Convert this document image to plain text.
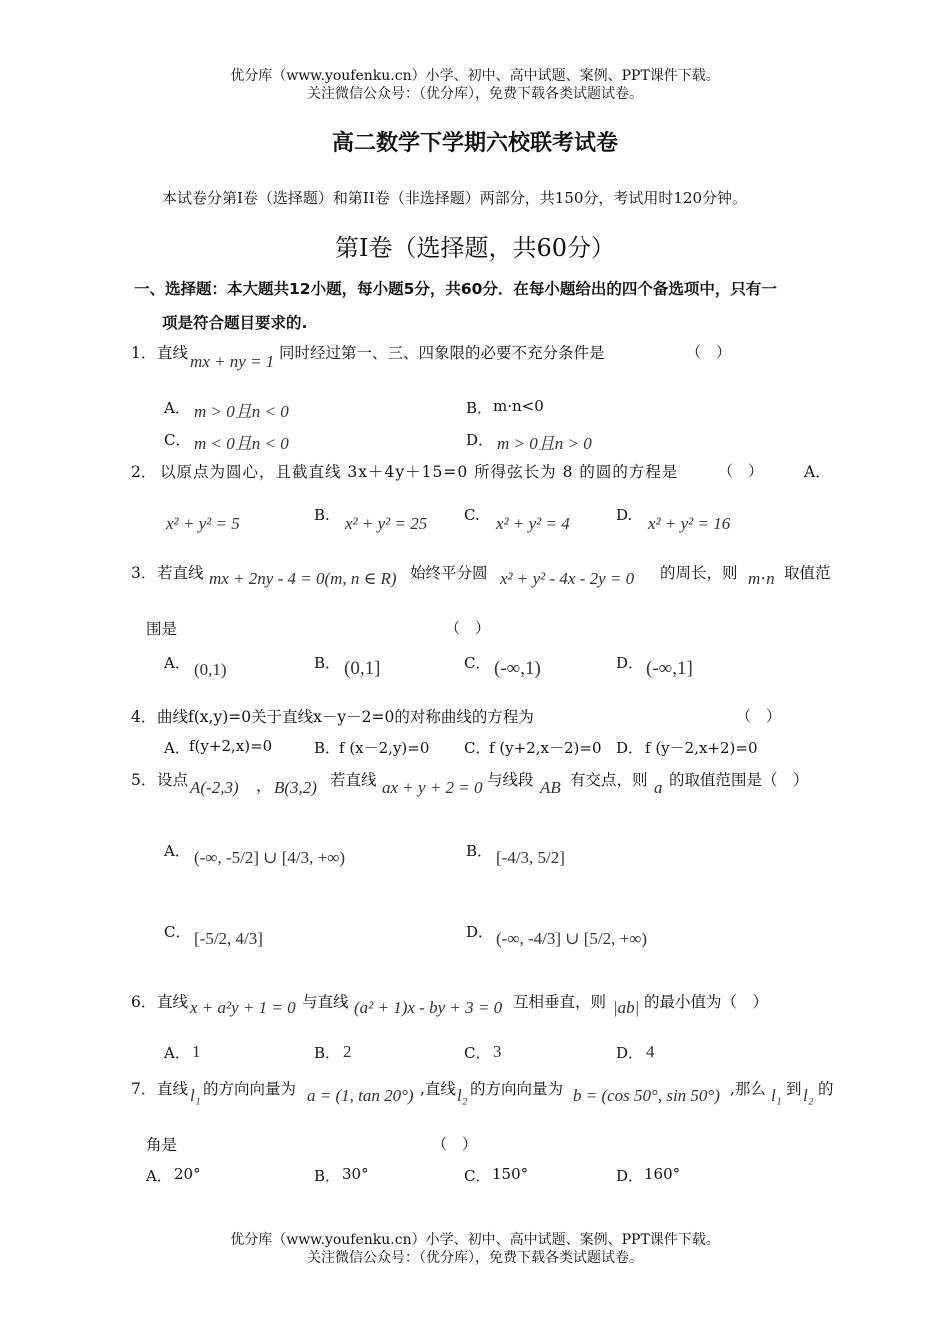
优分库（www.youfenku.cn）小学、初中、高中试题、案例、PPT课件下载。
关注微信公众号：（优分库），免费下载各类试题试卷。
高二数学下学期六校联考试卷
本试卷分第I卷（选择题）和第II卷（非选择题）两部分，共150分，考试用时120分钟。
第Ⅰ卷（选择题，共60分）
一、选择题：本大题共12小题，每小题5分，共60分．在每小题给出的四个备选项中，只有一
项是符合题目要求的.
1． 直线 mx + ny = 1 同时经过第一、三、四象限的必要不充分条件是	（　）
A． m > 0且n < 0	B． m·n<0
C． m < 0且n < 0	D． m > 0且n > 0
2． 以原点为圆心，且截直线 3x＋4y＋15=0 所得弦长为 8 的圆的方程是	（　）	A．
x² + y² = 5	B. x² + y² = 25 C. x² + y² = 4	D. x² + y² = 16
3． 若直线 mx + 2ny - 4 = 0(m, n ∈ R) 始终平分圆 x² + y² - 4x - 2y = 0 的周长，则 m⋅n 取值范
围是	（　）
A． (0,1)	B． (0,1]	C． (-∞,1)	D． (-∞,1]
4． 曲线f(x,y)=0关于直线x－y－2=0的对称曲线的方程为	（　）
A． f(y+2,x)=0	B．
f (x－2,y)=0 C．
f (y+2,x－2)=0 D． f (y－2,x+2)=0
5． 设点 A(-2,3) ， B(3,2) 若直线 ax + y + 2 = 0 与线段 AB 有交点，则 a 的取值范围是（　）
A． (-∞, -5/2] ∪ [4/3, +∞)	B． [-4/3, 5/2]
C． [-5/2, 4/3]	D． (-∞, -4/3] ∪ [5/2, +∞)
6． 直线 x + a²y + 1 = 0 与直线 (a² + 1)x - by + 3 = 0 互相垂直，则 |ab| 的最小值为（　）
A． 1	B． 2	C． 3	D． 4
7． 直线 l₁ 的方向向量为 a = (1, tan 20°) ,直线 l₂ 的方向向量为 b = (cos 50°, sin 50°) ,那么 l₁ 到 l₂ 的
角是	（　）
A． 20°	B． 30°	C． 150°	D． 160°
优分库（www.youfenku.cn）小学、初中、高中试题、案例、PPT课件下载。
关注微信公众号：（优分库），免费下载各类试题试卷。
